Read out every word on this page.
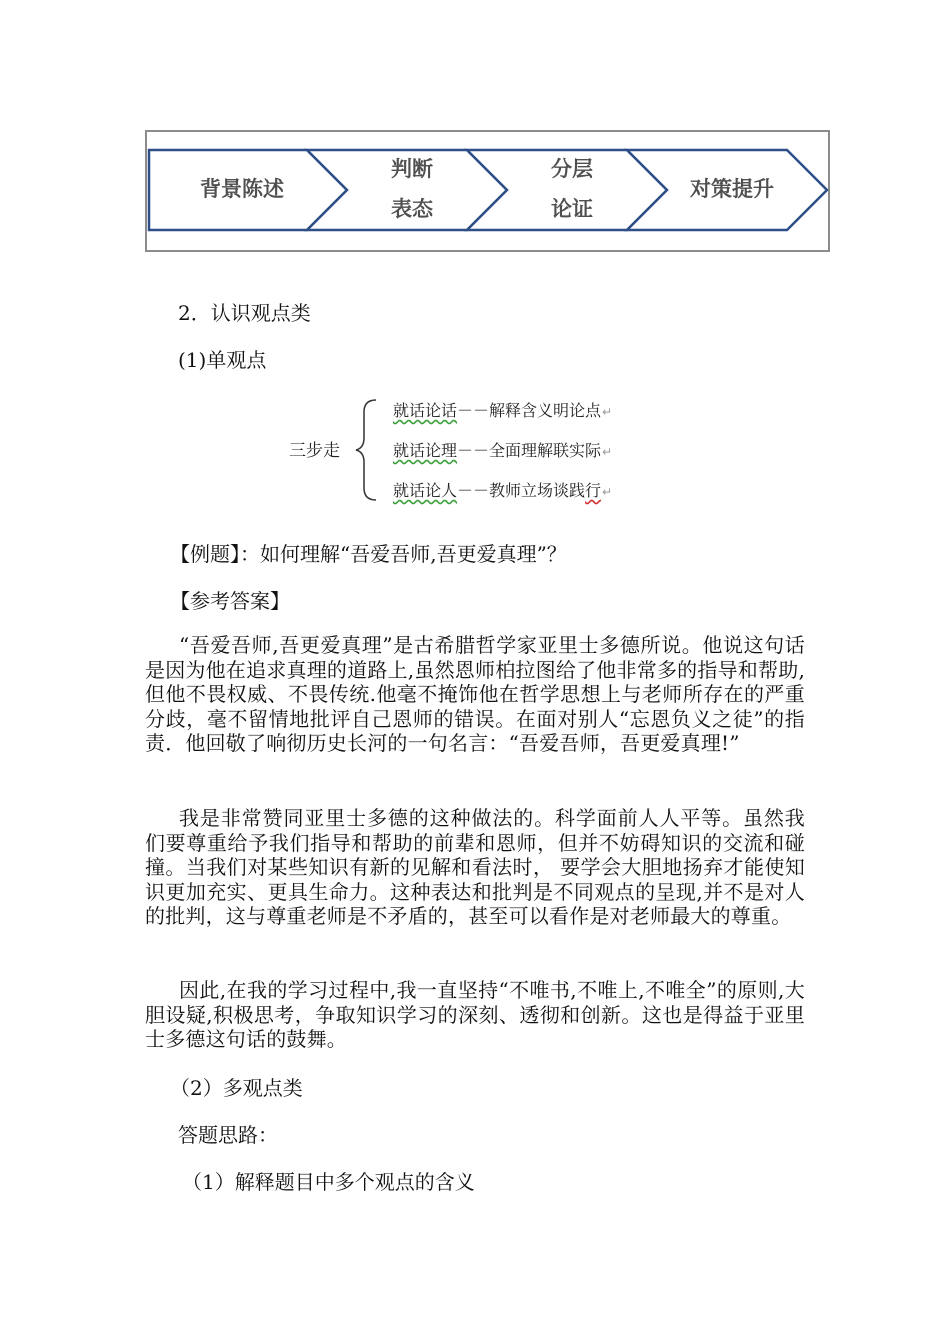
背景陈述
判断
表态
分层
论证
对策提升
2．认识观点类
(1)单观点
三步走
就话论话－－解释含义明论点↵
就话论理－－全面理解联实际↵
就话论人－－教师立场谈践行↵
【例题】：如何理解“吾爱吾师,吾更爱真理”？
【参考答案】
“吾爱吾师,吾更爱真理”是古希腊哲学家亚里士多德所说。他说这句话是因为他在追求真理的道路上,虽然恩师柏拉图给了他非常多的指导和帮助,但他不畏权威、不畏传统.他毫不掩饰他在哲学思想上与老师所存在的严重分歧，毫不留情地批评自己恩师的错误。在面对别人“忘恩负义之徒”的指责．他回敬了响彻历史长河的一句名言：“吾爱吾师，吾更爱真理!”
我是非常赞同亚里士多德的这种做法的。科学面前人人平等。虽然我们要尊重给予我们指导和帮助的前辈和恩师，但并不妨碍知识的交流和碰撞。当我们对某些知识有新的见解和看法时， 要学会大胆地扬弃才能使知识更加充实、更具生命力。这种表达和批判是不同观点的呈现,并不是对人的批判，这与尊重老师是不矛盾的，甚至可以看作是对老师最大的尊重。
因此,在我的学习过程中,我一直坚持“不唯书,不唯上,不唯全”的原则,大胆设疑,积极思考，争取知识学习的深刻、透彻和创新。这也是得益于亚里士多德这句话的鼓舞。
（2）多观点类
答题思路：
（1）解释题目中多个观点的含义
